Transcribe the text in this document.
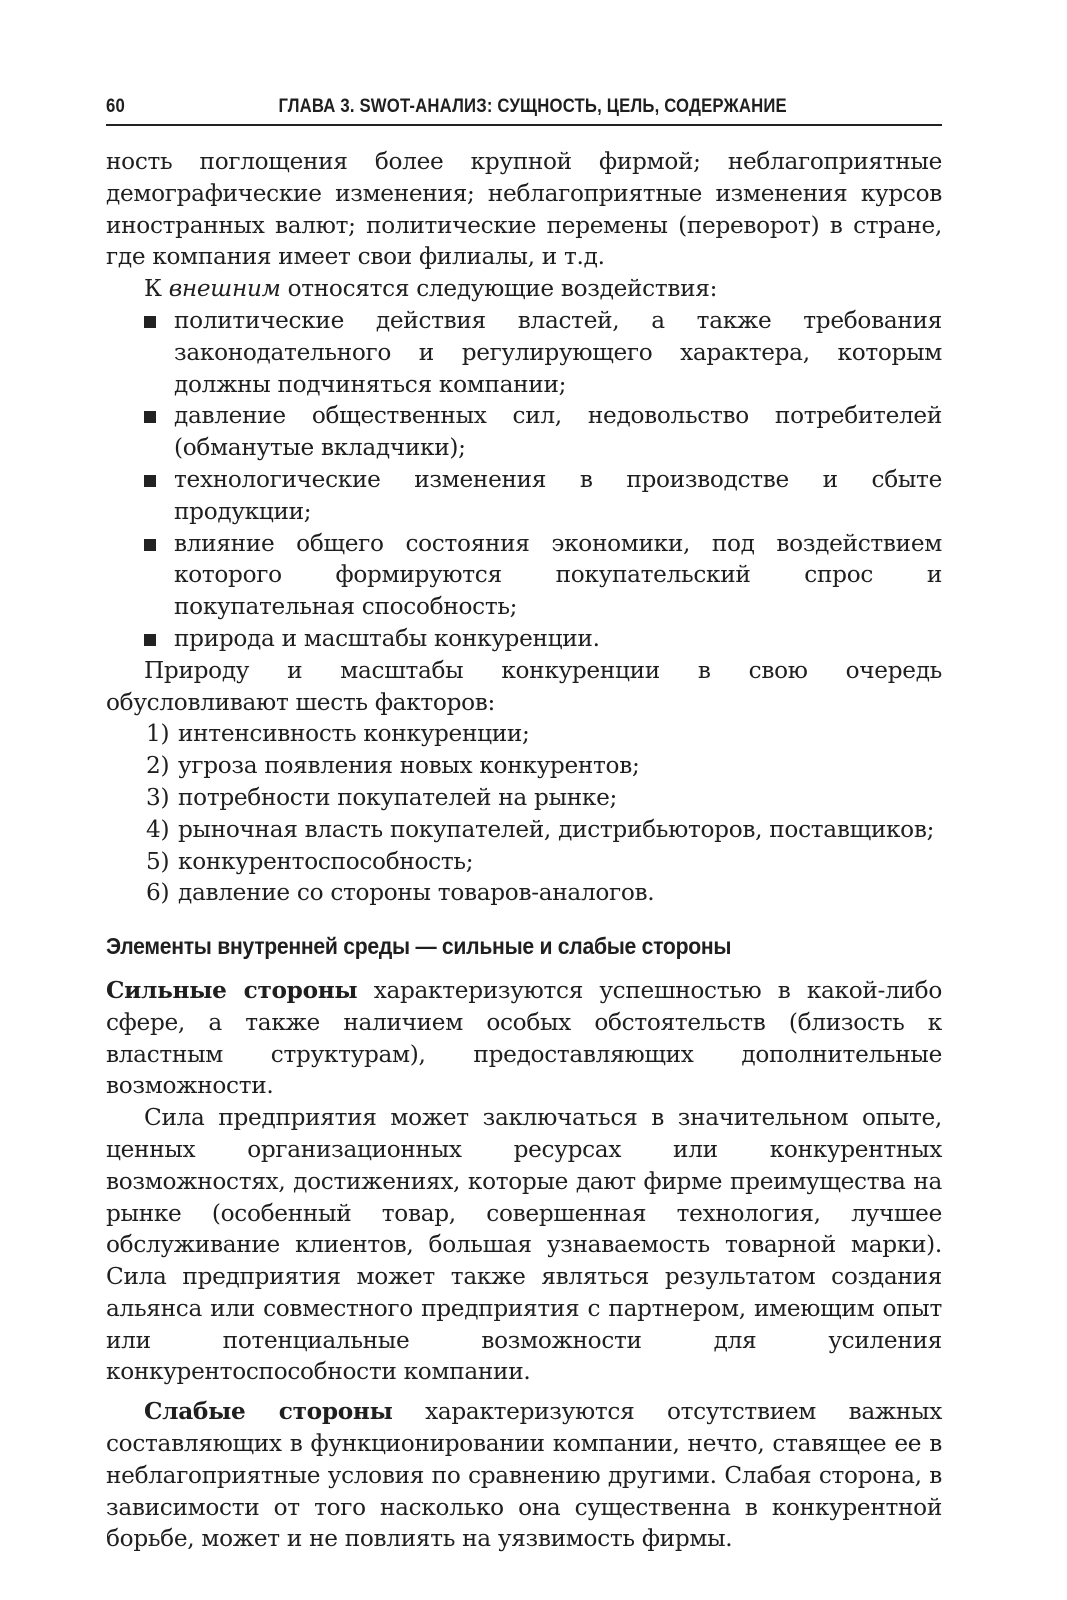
60	ГЛАВА 3. SWOT-АНАЛИЗ: СУЩНОСТЬ, ЦЕЛЬ, СОДЕРЖАНИЕ

ность поглощения более крупной фирмой; неблагоприятные демографические изменения; неблагоприятные изменения курсов иностранных валют; политические перемены (переворот) в стране, где компания имеет свои филиалы, и т.д.

К внешним относятся следующие воздействия:

политические действия властей, а также требования законодательного и регулирующего характера, которым должны подчиняться компании;
давление общественных сил, недовольство потребителей (обманутые вкладчики);
технологические изменения в производстве и сбыте продукции;
влияние общего состояния экономики, под воздействием которого формируются покупательский спрос и покупательная способность;
природа и масштабы конкуренции.

Природу и масштабы конкуренции в свою очередь обусловливают шесть факторов:

1) интенсивность конкуренции;
2) угроза появления новых конкурентов;
3) потребности покупателей на рынке;
4) рыночная власть покупателей, дистрибьюторов, поставщиков;
5) конкурентоспособность;
6) давление со стороны товаров-аналогов.
Элементы внутренней среды — сильные и слабые стороны

Сильные стороны характеризуются успешностью в какой-либо сфере, а также наличием особых обстоятельств (близость к властным структурам), предоставляющих дополнительные возможности.

Сила предприятия может заключаться в значительном опыте, ценных организационных ресурсах или конкурентных возможностях, достижениях, которые дают фирме преимущества на рынке (особенный товар, совершенная технология, лучшее обслуживание клиентов, большая узнаваемость товарной марки). Сила предприятия может также являться результатом создания альянса или совместного предприятия с партнером, имеющим опыт или потенциальные возможности для усиления конкурентоспособности компании.

Слабые стороны характеризуются отсутствием важных составляющих в функционировании компании, нечто, ставящее ее в неблагоприятные условия по сравнению другими. Слабая сторона, в зависимости от того насколько она существенна в конкурентной борьбе, может и не повлиять на уязвимость фирмы.
